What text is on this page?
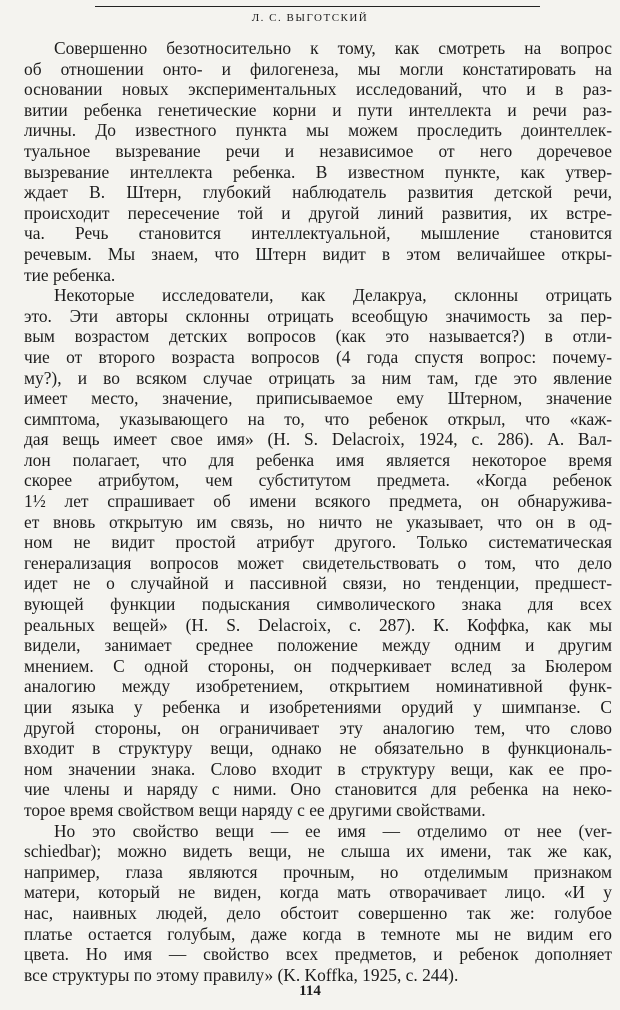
Л. С. ВЫГОТСКИЙ
Совершенно безотносительно к тому, как смотреть на вопрос
об отношении онто- и филогенеза, мы могли констатировать на
основании новых экспериментальных исследований, что и в раз-
витии ребенка генетические корни и пути интеллекта и речи раз-
личны. До известного пункта мы можем проследить доинтеллек-
туальное вызревание речи и независимое от него доречевое
вызревание интеллекта ребенка. В известном пункте, как утвер-
ждает В. Штерн, глубокий наблюдатель развития детской речи,
происходит пересечение той и другой линий развития, их встре-
ча. Речь становится интеллектуальной, мышление становится
речевым. Мы знаем, что Штерн видит в этом величайшее откры-
тие ребенка.
Некоторые исследователи, как Делакруа, склонны отрицать
это. Эти авторы склонны отрицать всеобщую значимость за пер-
вым возрастом детских вопросов (как это называется?) в отли-
чие от второго возраста вопросов (4 года спустя вопрос: почему-
му?), и во всяком случае отрицать за ним там, где это явление
имеет место, значение, приписываемое ему Штерном, значение
симптома, указывающего на то, что ребенок открыл, что «каж-
дая вещь имеет свое имя» (H. S. Delacroix, 1924, с. 286). А. Вал-
лон полагает, что для ребенка имя является некоторое время
скорее атрибутом, чем субститутом предмета. «Когда ребенок
1½ лет спрашивает об имени всякого предмета, он обнаружива-
ет вновь открытую им связь, но ничто не указывает, что он в од-
ном не видит простой атрибут другого. Только систематическая
генерализация вопросов может свидетельствовать о том, что дело
идет не о случайной и пассивной связи, но тенденции, предшест-
вующей функции подыскания символического знака для всех
реальных вещей» (H. S. Delacroix, с. 287). К. Коффка, как мы
видели, занимает среднее положение между одним и другим
мнением. С одной стороны, он подчеркивает вслед за Бюлером
аналогию между изобретением, открытием номинативной функ-
ции языка у ребенка и изобретениями орудий у шимпанзе. С
другой стороны, он ограничивает эту аналогию тем, что слово
входит в структуру вещи, однако не обязательно в функциональ-
ном значении знака. Слово входит в структуру вещи, как ее про-
чие члены и наряду с ними. Оно становится для ребенка на неко-
торое время свойством вещи наряду с ее другими свойствами.
Но это свойство вещи — ее имя — отделимо от нее (ver-
schiedbar); можно видеть вещи, не слыша их имени, так же как,
например, глаза являются прочным, но отделимым признаком
матери, который не виден, когда мать отворачивает лицо. «И у
нас, наивных людей, дело обстоит совершенно так же: голубое
платье остается голубым, даже когда в темноте мы не видим его
цвета. Но имя — свойство всех предметов, и ребенок дополняет
все структуры по этому правилу» (K. Koffka, 1925, с. 244).
114
